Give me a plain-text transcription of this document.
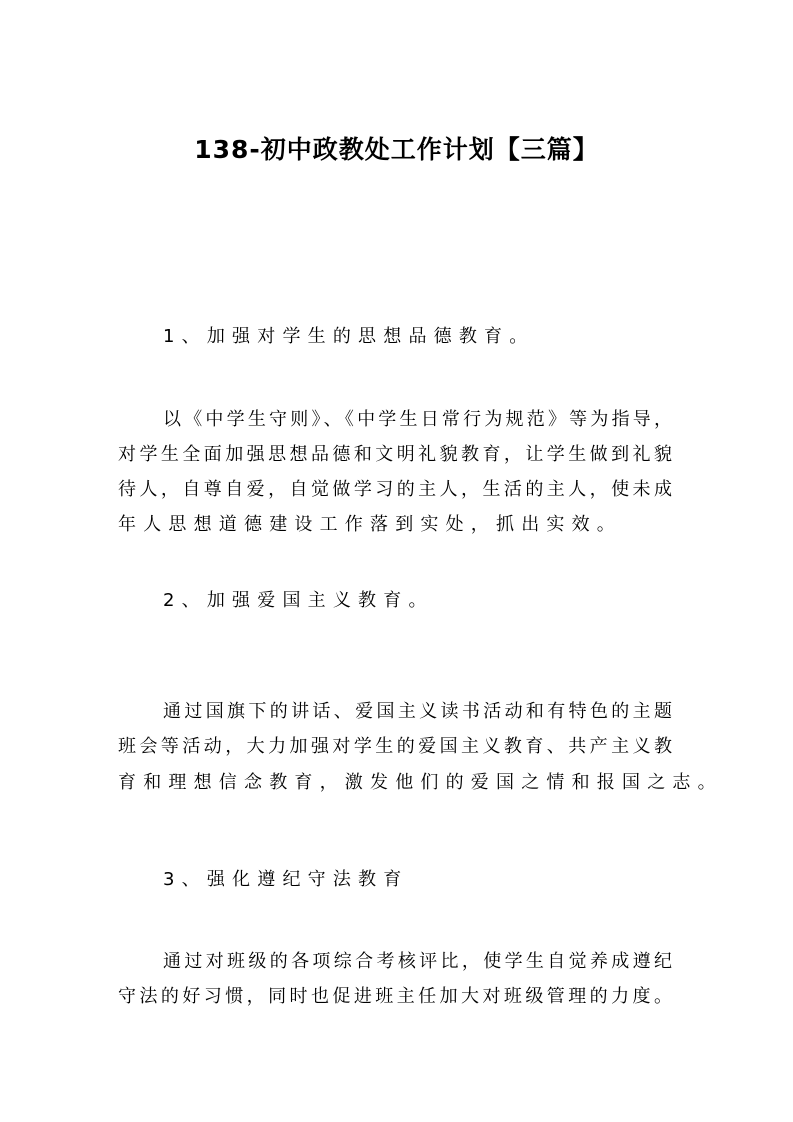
138-初中政教处工作计划【三篇】
1、加强对学生的思想品德教育。
以《中学生守则》、《中学生日常行为规范》等为指导，
对学生全面加强思想品德和文明礼貌教育，让学生做到礼貌
待人，自尊自爱，自觉做学习的主人，生活的主人，使未成
年人思想道德建设工作落到实处，抓出实效。
2、加强爱国主义教育。
通过国旗下的讲话、爱国主义读书活动和有特色的主题
班会等活动，大力加强对学生的爱国主义教育、共产主义教
育和理想信念教育，激发他们的爱国之情和报国之志。
3、强化遵纪守法教育
通过对班级的各项综合考核评比，使学生自觉养成遵纪
守法的好习惯，同时也促进班主任加大对班级管理的力度。
